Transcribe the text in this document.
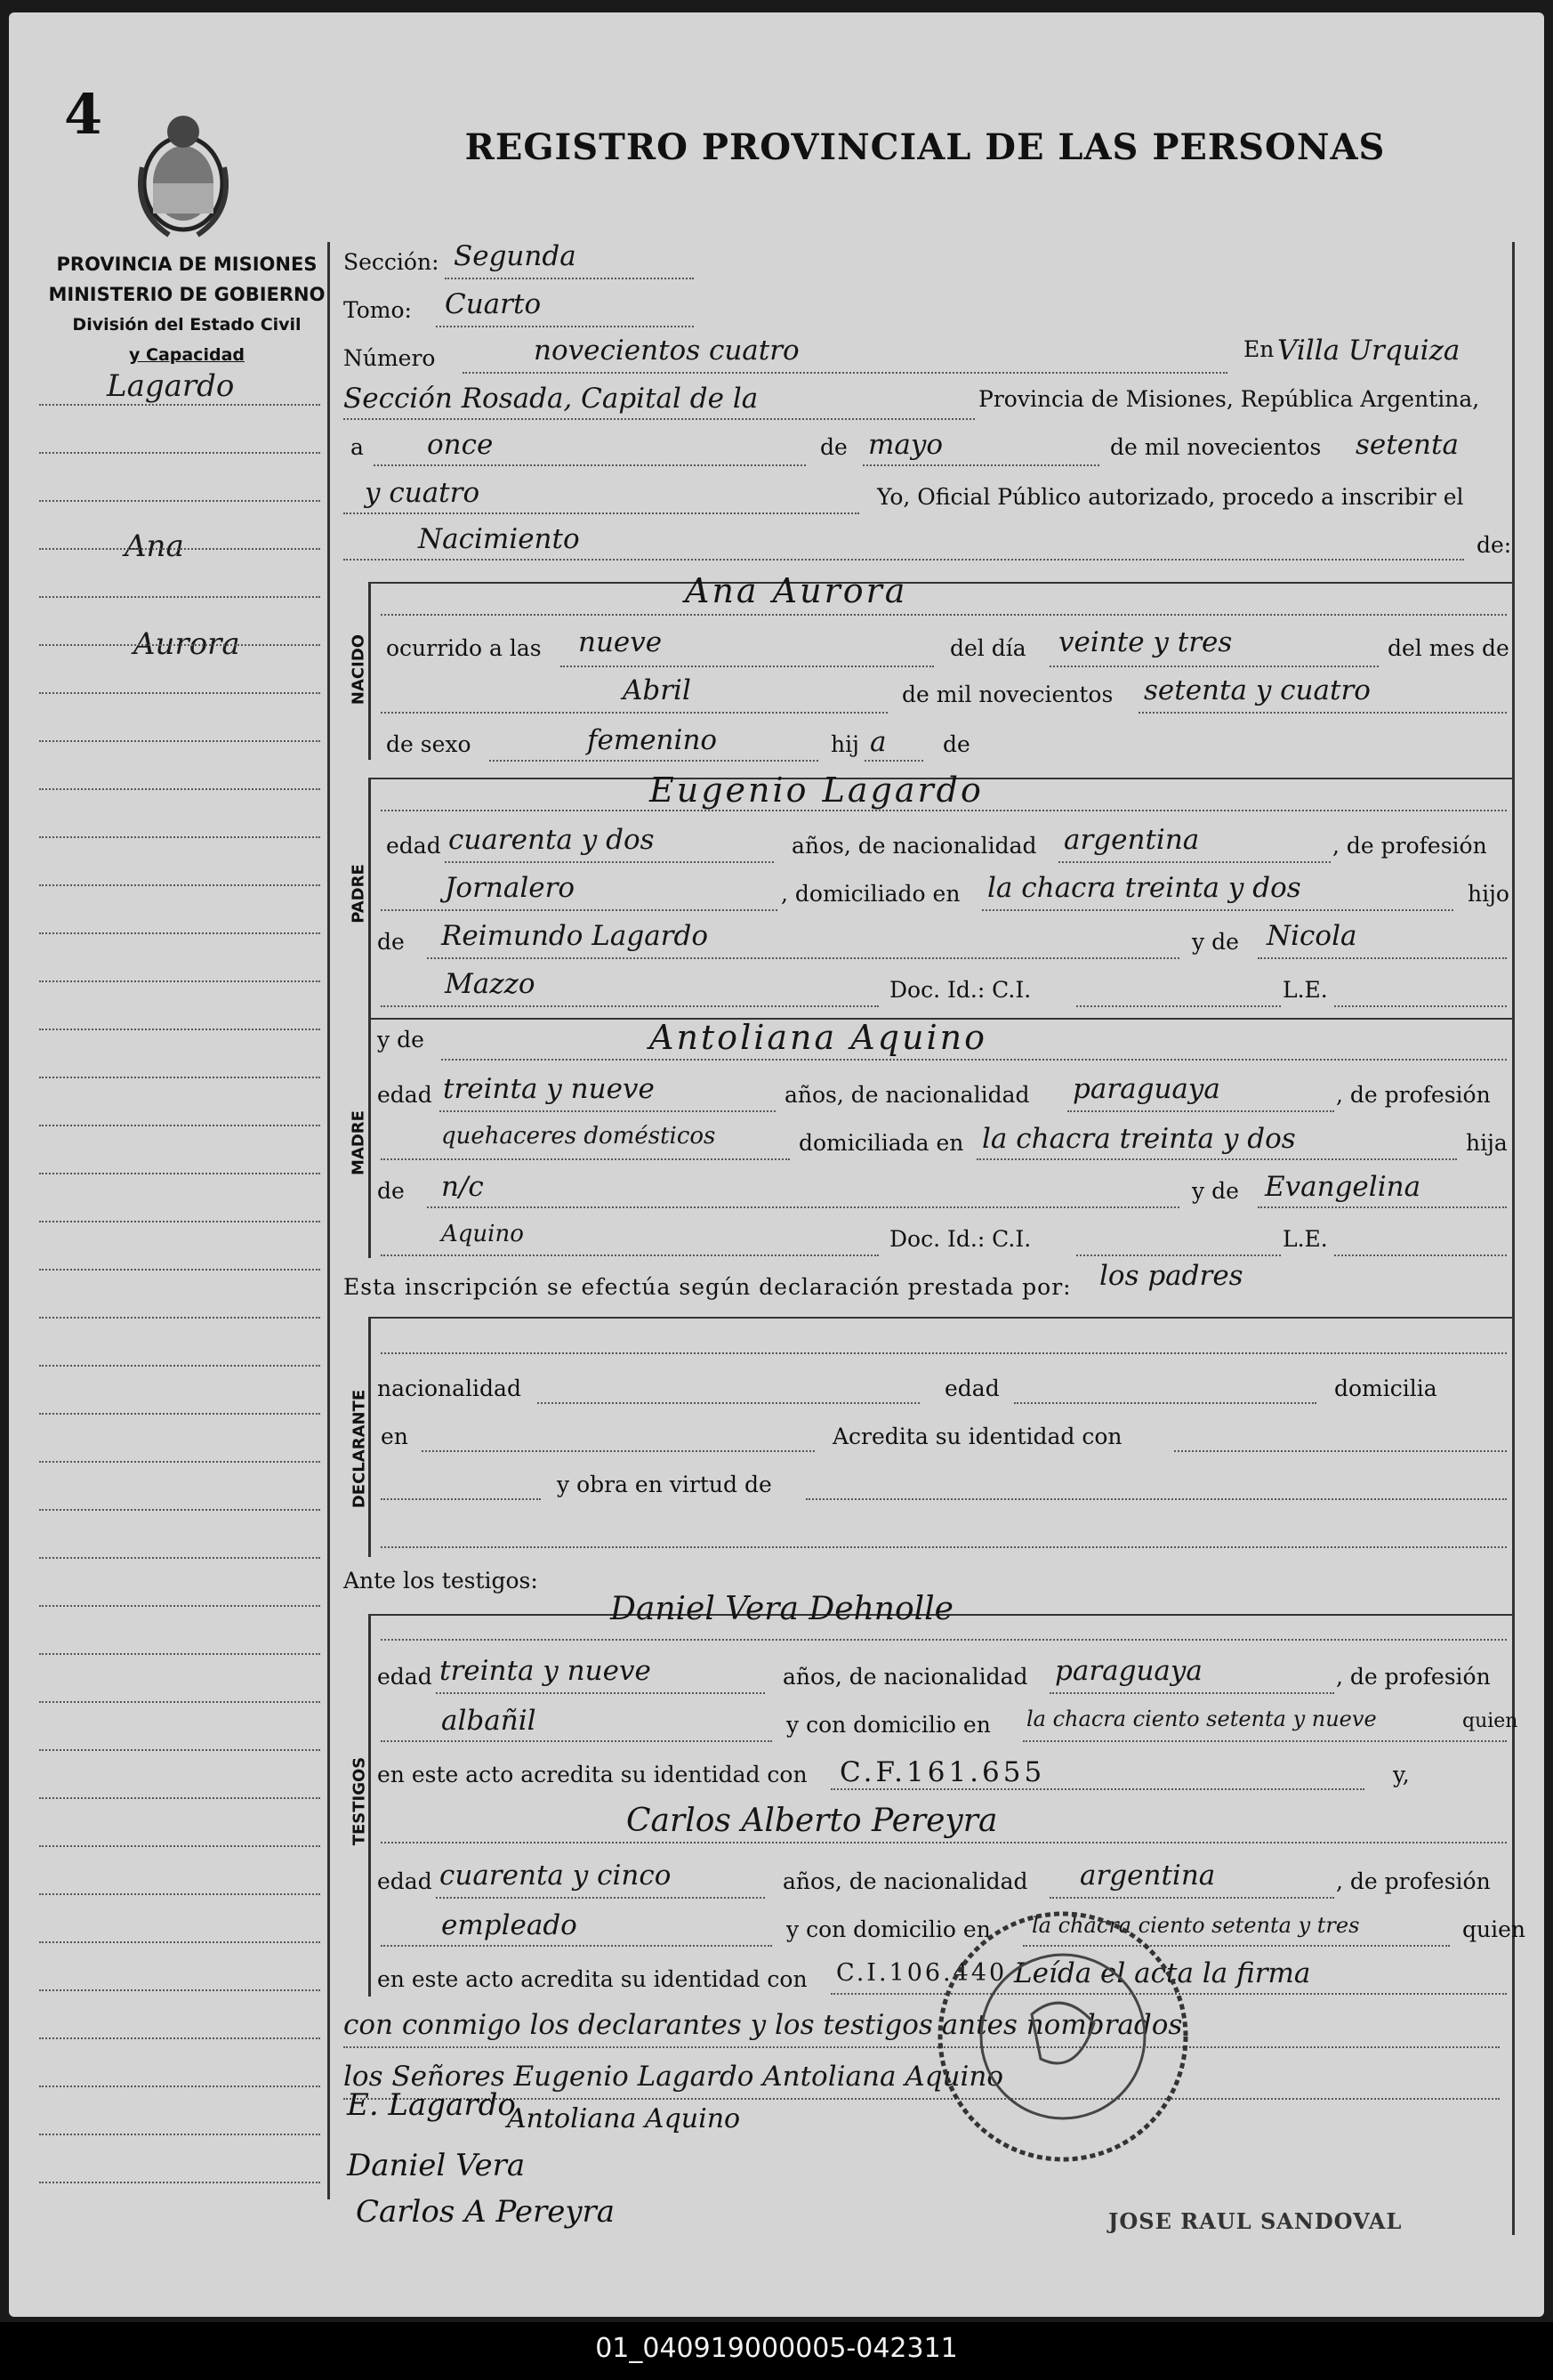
4
REGISTRO PROVINCIAL DE LAS PERSONAS
PROVINCIA DE MISIONES
MINISTERIO DE GOBIERNO
División del Estado Civil
y Capacidad
Lagardo
Ana
Aurora
Sección: Segunda
Tomo: Cuarto
Número	novecientos cuatro	En Villa Urquiza
Sección Rosada, Capital de la	Provincia de Misiones, República Argentina,
a once	de mayo	de mil novecientos setenta
y cuatro	Yo, Oficial Público autorizado, procedo a inscribir el
Nacimiento	de:
NACIDO
Ana Aurora
ocurrido a las nueve	del día veinte y tres	del mes de
Abril	de mil novecientos setenta y cuatro
de sexo	femenino	hij a	de
PADRE
Eugenio Lagardo
edad cuarenta y dos	años, de nacionalidad argentina	, de profesión
Jornalero	, domiciliado en la chacra treinta y dos	hijo
de Reimundo Lagardo	y de Nicola
Mazzo	Doc. Id.: C.I.	L.E.
MADRE
y de	Antoliana Aquino
edad treinta y nueve	años, de nacionalidad paraguaya	, de profesión
quehaceres domésticos	domiciliada en la chacra treinta y dos	hija
de n/c	y de Evangelina
Aquino	Doc. Id.: C.I.	L.E.
Esta inscripción se efectúa según declaración prestada por: los padres
DECLARANTE
nacionalidad	edad	domicilia
en	Acredita su identidad con
y obra en virtud de
Ante los testigos:
TESTIGOS
Daniel Vera Dehnolle
edad treinta y nueve	años, de nacionalidad paraguaya	, de profesión
albañil	y con domicilio en la chacra ciento setenta y nueve	quien
en este acto acredita su identidad con C.F.161.655	y,
Carlos Alberto Pereyra
edad cuarenta y cinco	años, de nacionalidad argentina	, de profesión
empleado	y con domicilio en la chacra ciento setenta y tres	quien
en este acto acredita su identidad con C.I.106.440 Leída el acta la firma
con conmigo los declarantes y los testigos antes nombrados
los Señores Eugenio Lagardo Antoliana Aquino
E. Lagardo
Antoliana Aquino
Daniel Vera
Carlos A Pereyra	JOSE RAUL SANDOVAL
01_040919000005-042311
